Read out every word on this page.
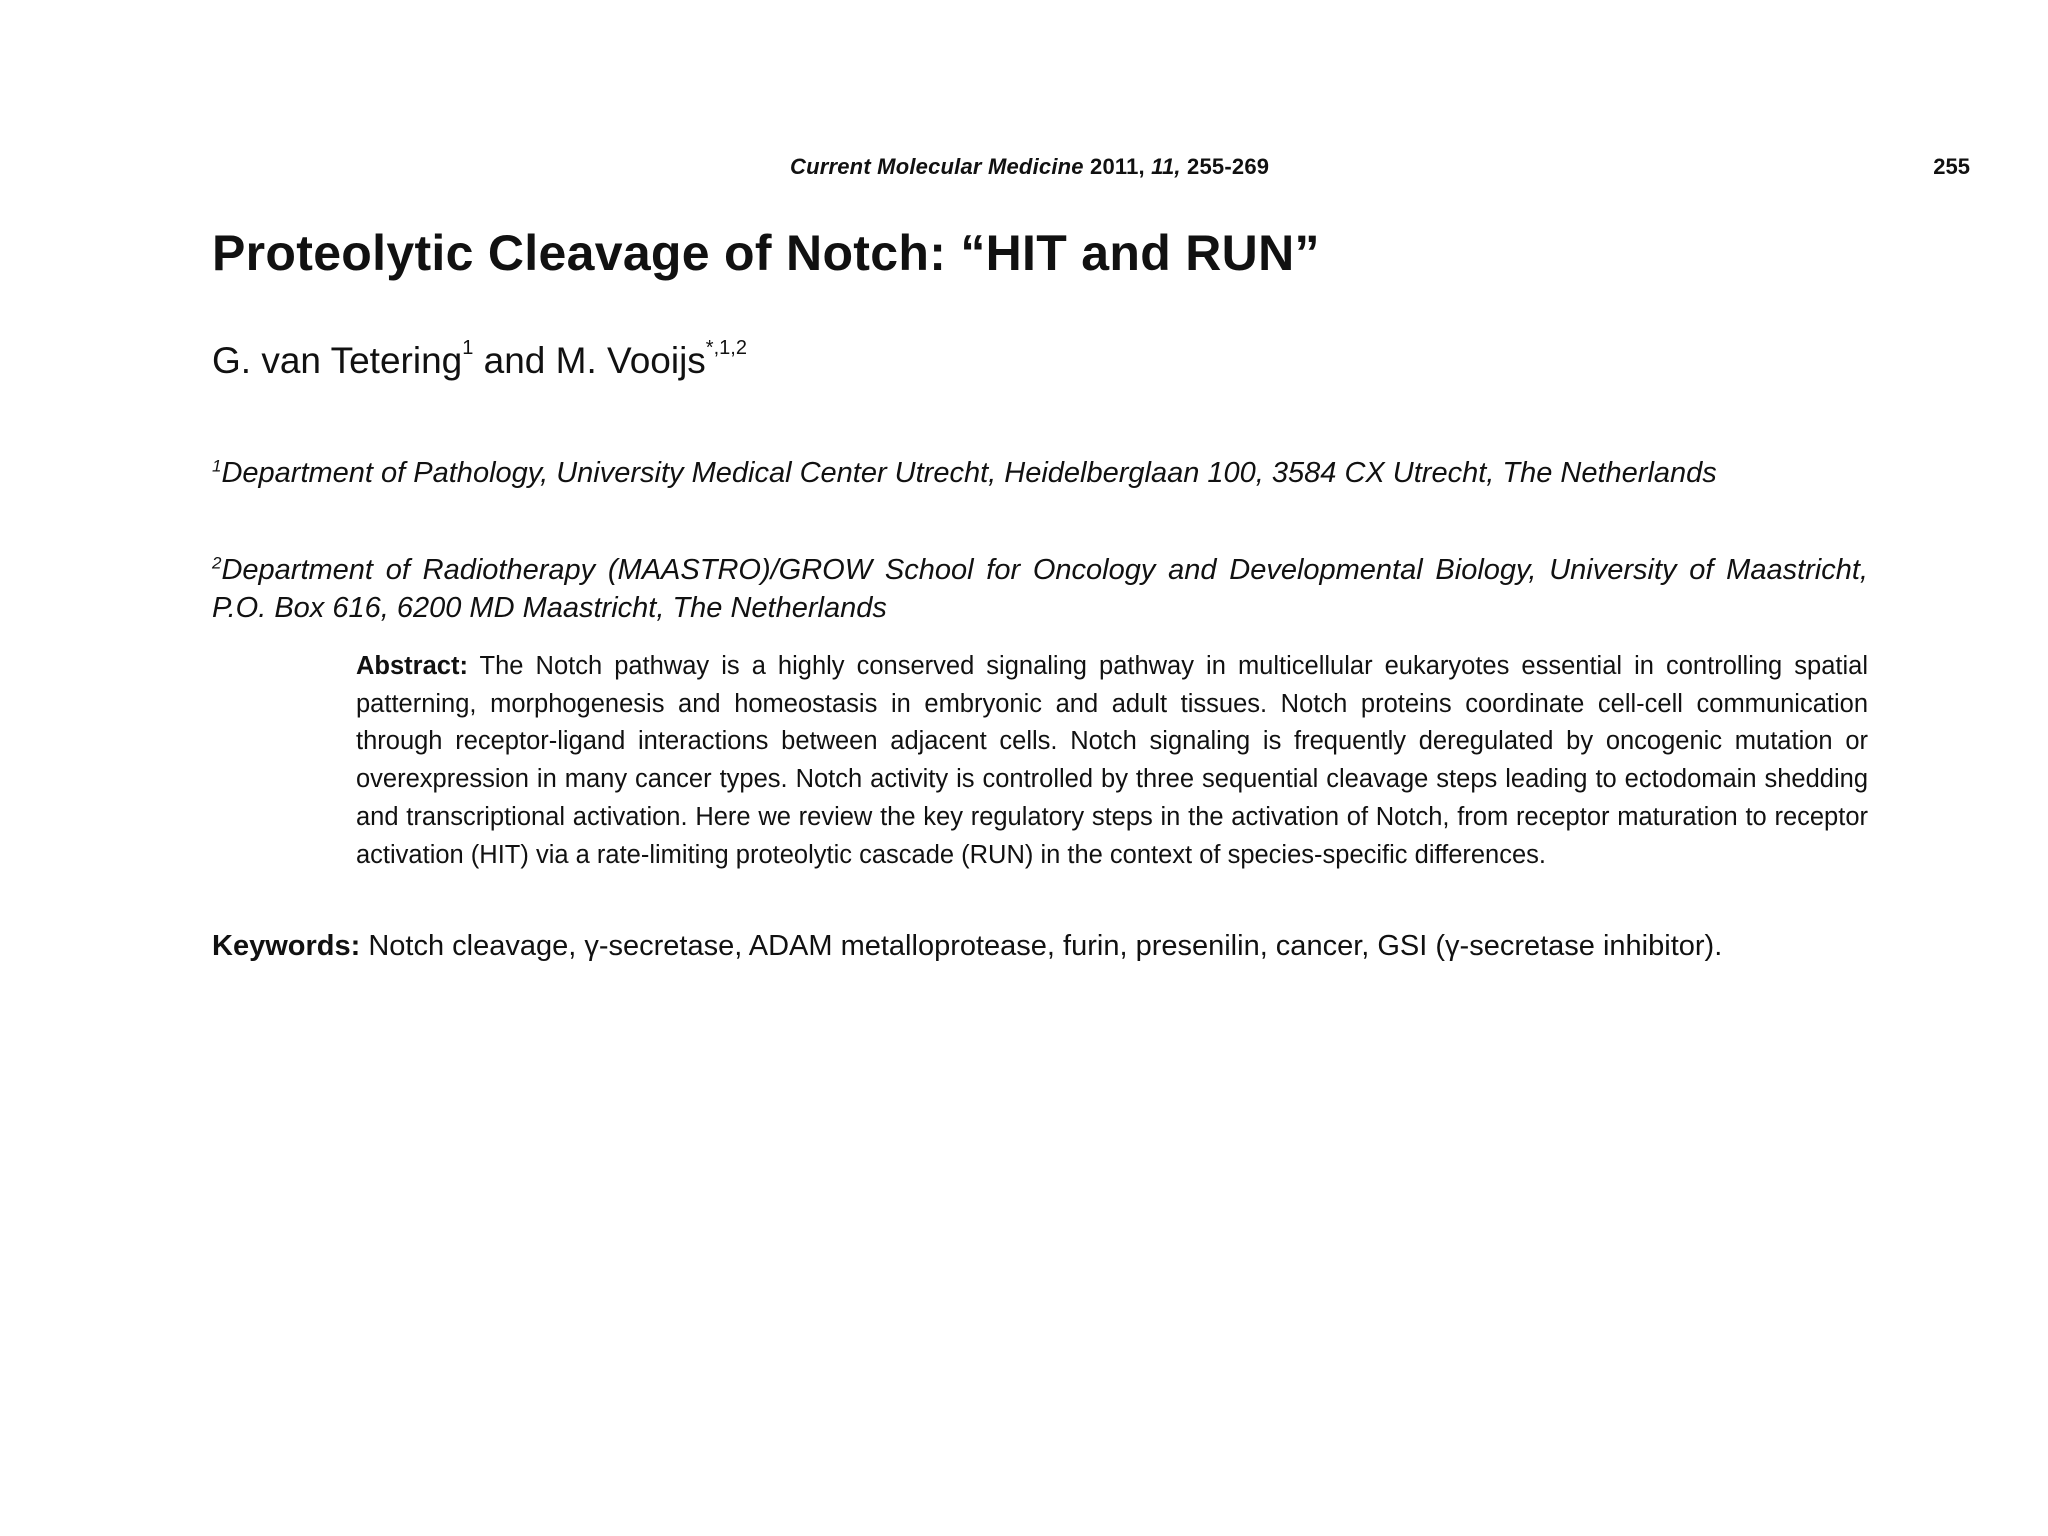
Current Molecular Medicine 2011, 11, 255-269	255
Proteolytic Cleavage of Notch: “HIT and RUN”
G. van Tetering$^1$ and M. Vooijs$^{*,1,2}$
$^1$Department of Pathology, University Medical Center Utrecht, Heidelberglaan 100, 3584 CX Utrecht, The Netherlands
$^2$Department of Radiotherapy (MAASTRO)/GROW School for Oncology and Developmental Biology, University of Maastricht, P.O. Box 616, 6200 MD Maastricht, The Netherlands
Abstract: The Notch pathway is a highly conserved signaling pathway in multicellular eukaryotes essential in controlling spatial patterning, morphogenesis and homeostasis in embryonic and adult tissues. Notch proteins coordinate cell-cell communication through receptor-ligand interactions between adjacent cells. Notch signaling is frequently deregulated by oncogenic mutation or overexpression in many cancer types. Notch activity is controlled by three sequential cleavage steps leading to ectodomain shedding and transcriptional activation. Here we review the key regulatory steps in the activation of Notch, from receptor maturation to receptor activation (HIT) via a rate-limiting proteolytic cascade (RUN) in the context of species-specific differences.
Keywords: Notch cleavage, γ-secretase, ADAM metalloprotease, furin, presenilin, cancer, GSI (γ-secretase inhibitor).
